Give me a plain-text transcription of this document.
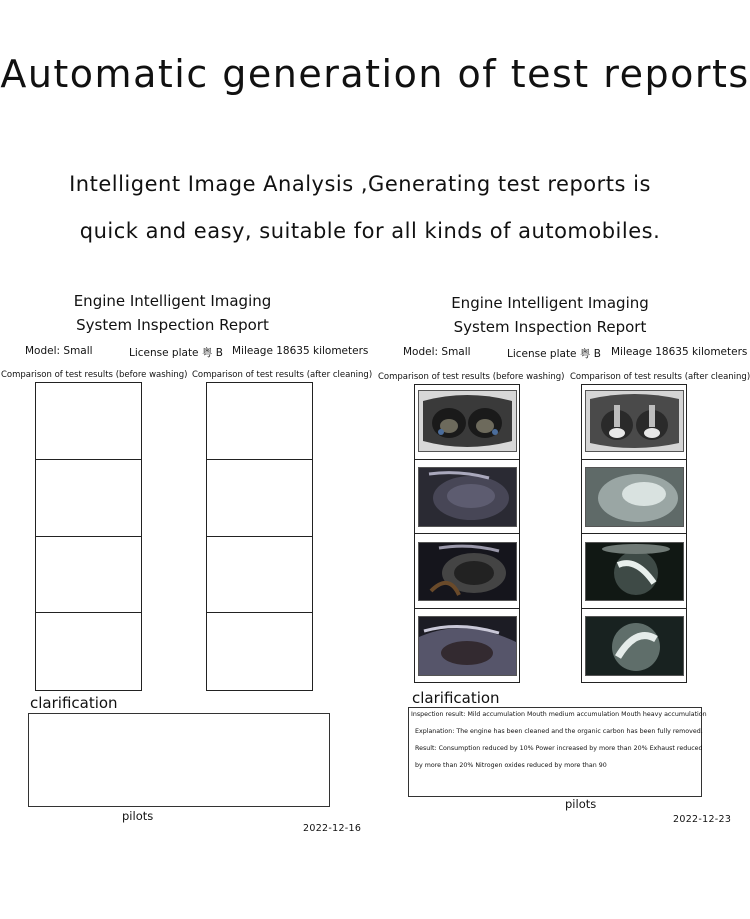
Automatic generation of test reports
Intelligent Image Analysis ,Generating test reports is
quick and easy, suitable for all kinds of automobiles.
Engine Intelligent Imaging
System Inspection Report
Model: Small	License plate 粤 B Mileage 18635 kilometers
Comparison of test results (before washing) Comparison of test results (after cleaning)
clarification
pilots
2022-12-16
Engine Intelligent Imaging
System Inspection Report
Model: Small	License plate 粤 B Mileage 18635 kilometers
Comparison of test results (before washing) Comparison of test results (after cleaning)
clarification
Inspection result: Mild accumulation Mouth medium accumulation Mouth heavy accumulation
Explanation: The engine has been cleaned and the organic carbon has been fully removed.
Result: Consumption reduced by 10% Power increased by more than 20% Exhaust reduced
by more than 20% Nitrogen oxides reduced by more than 90
pilots
2022-12-23
